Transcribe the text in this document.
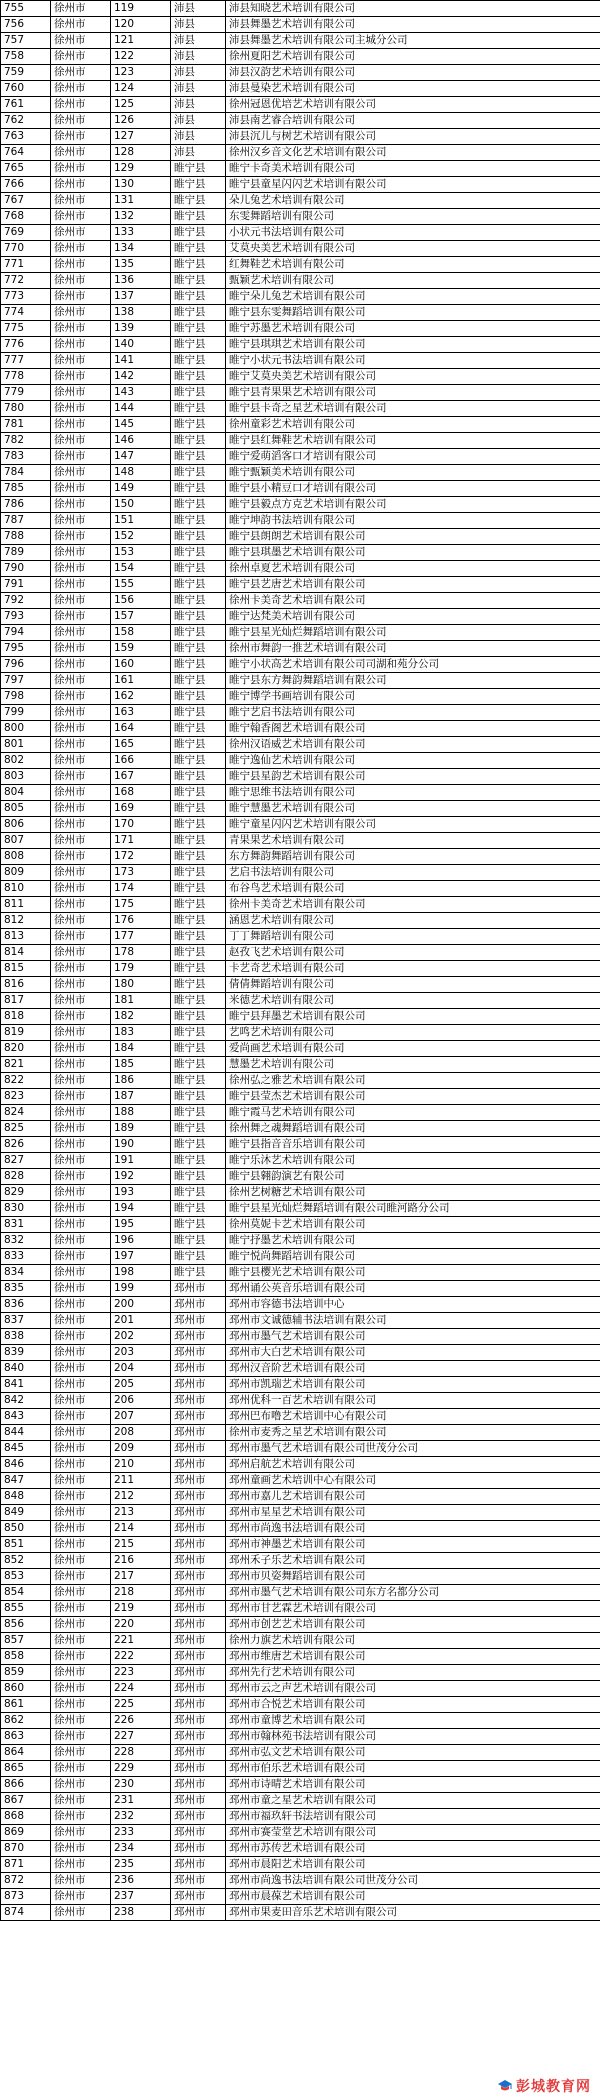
755	徐州市	119	沛县	沛县知晓艺术培训有限公司
756	徐州市	120	沛县	沛县舞墨艺术培训有限公司
757	徐州市	121	沛县	沛县舞墨艺术培训有限公司主城分公司
758	徐州市	122	沛县	徐州夏阳艺术培训有限公司
759	徐州市	123	沛县	沛县汉韵艺术培训有限公司
760	徐州市	124	沛县	沛县曼染艺术培训有限公司
761	徐州市	125	沛县	徐州冠恩优培艺术培训有限公司
762	徐州市	126	沛县	沛县南艺睿合培训有限公司
763	徐州市	127	沛县	沛县沉儿与树艺术培训有限公司
764	徐州市	128	沛县	徐州汉乡音文化艺术培训有限公司
765	徐州市	129	睢宁县	睢宁卡奇美术培训有限公司
766	徐州市	130	睢宁县	睢宁县童星闪闪艺术培训有限公司
767	徐州市	131	睢宁县	朵儿兔艺术培训有限公司
768	徐州市	132	睢宁县	东雯舞蹈培训有限公司
769	徐州市	133	睢宁县	小状元书法培训有限公司
770	徐州市	134	睢宁县	艾莫央美艺术培训有限公司
771	徐州市	135	睢宁县	红舞鞋艺术培训有限公司
772	徐州市	136	睢宁县	甄颖艺术培训有限公司
773	徐州市	137	睢宁县	睢宁朵儿兔艺术培训有限公司
774	徐州市	138	睢宁县	睢宁县东雯舞蹈培训有限公司
775	徐州市	139	睢宁县	睢宁苏墨艺术培训有限公司
776	徐州市	140	睢宁县	睢宁县琪琪艺术培训有限公司
777	徐州市	141	睢宁县	睢宁小状元书法培训有限公司
778	徐州市	142	睢宁县	睢宁艾莫央美艺术培训有限公司
779	徐州市	143	睢宁县	睢宁县青果果艺术培训有限公司
780	徐州市	144	睢宁县	睢宁县卡奇之星艺术培训有限公司
781	徐州市	145	睢宁县	徐州童彩艺术培训有限公司
782	徐州市	146	睢宁县	睢宁县红舞鞋艺术培训有限公司
783	徐州市	147	睢宁县	睢宁爱萌滔客口才培训有限公司
784	徐州市	148	睢宁县	睢宁甄颖美术培训有限公司
785	徐州市	149	睢宁县	睢宁县小精豆口才培训有限公司
786	徐州市	150	睢宁县	睢宁县毅点方克艺术培训有限公司
787	徐州市	151	睢宁县	睢宁坤韵书法培训有限公司
788	徐州市	152	睢宁县	睢宁县朗朗艺术培训有限公司
789	徐州市	153	睢宁县	睢宁县琪墨艺术培训有限公司
790	徐州市	154	睢宁县	徐州卓夏艺术培训有限公司
791	徐州市	155	睢宁县	睢宁县艺唐艺术培训有限公司
792	徐州市	156	睢宁县	徐州卡美奇艺术培训有限公司
793	徐州市	157	睢宁县	睢宁达梵美术培训有限公司
794	徐州市	158	睢宁县	睢宁县星光灿烂舞蹈培训有限公司
795	徐州市	159	睢宁县	徐州市舞韵一推艺术培训有限公司
796	徐州市	160	睢宁县	睢宁小状高艺术培训有限公司司湖和苑分公司
797	徐州市	161	睢宁县	睢宁县东方舞韵舞蹈培训有限公司
798	徐州市	162	睢宁县	睢宁博学书画培训有限公司
799	徐州市	163	睢宁县	睢宁艺启书法培训有限公司
800	徐州市	164	睢宁县	睢宁翰香阁艺术培训有限公司
801	徐州市	165	睢宁县	徐州汉语威艺术培训有限公司
802	徐州市	166	睢宁县	睢宁逸仙艺术培训有限公司
803	徐州市	167	睢宁县	睢宁县星韵艺术培训有限公司
804	徐州市	168	睢宁县	睢宁思维书法培训有限公司
805	徐州市	169	睢宁县	睢宁慧墨艺术培训有限公司
806	徐州市	170	睢宁县	睢宁童星闪闪艺术培训有限公司
807	徐州市	171	睢宁县	青果果艺术培训有限公司
808	徐州市	172	睢宁县	东方舞韵舞蹈培训有限公司
809	徐州市	173	睢宁县	艺启书法培训有限公司
810	徐州市	174	睢宁县	布谷鸟艺术培训有限公司
811	徐州市	175	睢宁县	徐州卡美奇艺术培训有限公司
812	徐州市	176	睢宁县	涵恩艺术培训有限公司
813	徐州市	177	睢宁县	丁丁舞蹈培训有限公司
814	徐州市	178	睢宁县	赵孜飞艺术培训有限公司
815	徐州市	179	睢宁县	卡艺奇艺术培训有限公司
816	徐州市	180	睢宁县	倩倩舞蹈培训有限公司
817	徐州市	181	睢宁县	米德艺术培训有限公司
818	徐州市	182	睢宁县	睢宁县拜墨艺术培训有限公司
819	徐州市	183	睢宁县	艺鸣艺术培训有限公司
820	徐州市	184	睢宁县	爱尚画艺术培训有限公司
821	徐州市	185	睢宁县	慧墨艺术培训有限公司
822	徐州市	186	睢宁县	徐州弘之雅艺术培训有限公司
823	徐州市	187	睢宁县	睢宁县莹杰艺术培训有限公司
824	徐州市	188	睢宁县	睢宁霞马艺术培训有限公司
825	徐州市	189	睢宁县	徐州舞之魂舞蹈培训有限公司
826	徐州市	190	睢宁县	睢宁县指音音乐培训有限公司
827	徐州市	191	睢宁县	睢宁乐沐艺术培训有限公司
828	徐州市	192	睢宁县	睢宁县翱韵演艺有限公司
829	徐州市	193	睢宁县	徐州艺树糖艺术培训有限公司
830	徐州市	194	睢宁县	睢宁县星光灿烂舞蹈培训有限公司睢河路分公司
831	徐州市	195	睢宁县	徐州莫妮卡艺术培训有限公司
832	徐州市	196	睢宁县	睢宁抒墨艺术培训有限公司
833	徐州市	197	睢宁县	睢宁悦尚舞蹈培训有限公司
834	徐州市	198	睢宁县	睢宁县樱光艺术培训有限公司
835	徐州市	199	邳州市	邳州诵公英音乐培训有限公司
836	徐州市	200	邳州市	邳州市容德书法培训中心
837	徐州市	201	邳州市	邳州市文诚德辅书法培训有限公司
838	徐州市	202	邳州市	邳州市墨气艺术培训有限公司
839	徐州市	203	邳州市	邳州市大白艺术培训有限公司
840	徐州市	204	邳州市	邳州汉音阶艺术培训有限公司
841	徐州市	205	邳州市	邳州市凯瑞艺术培训有限公司
842	徐州市	206	邳州市	邳州优科一百艺术培训有限公司
843	徐州市	207	邳州市	邳州巴布噜艺术培训中心有限公司
844	徐州市	208	邳州市	徐州市麦秀之星艺术培训有限公司
845	徐州市	209	邳州市	邳州市墨气艺术培训有限公司世茂分公司
846	徐州市	210	邳州市	邳州启航艺术培训有限公司
847	徐州市	211	邳州市	邳州童画艺术培训中心有限公司
848	徐州市	212	邳州市	邳州市嘉儿艺术培训有限公司
849	徐州市	213	邳州市	邳州市星星艺术培训有限公司
850	徐州市	214	邳州市	邳州市尚逸书法培训有限公司
851	徐州市	215	邳州市	邳州市神墨艺术培训有限公司
852	徐州市	216	邳州市	邳州禾子乐艺术培训有限公司
853	徐州市	217	邳州市	邳州市贝姿舞蹈培训有限公司
854	徐州市	218	邳州市	邳州市墨气艺术培训有限公司东方名都分公司
855	徐州市	219	邳州市	邳州市甘艺霖艺术培训有限公司
856	徐州市	220	邳州市	邳州市创艺艺术培训有限公司
857	徐州市	221	邳州市	徐州力旗艺术培训有限公司
858	徐州市	222	邳州市	邳州市维唐艺术培训有限公司
859	徐州市	223	邳州市	邳州先行艺术培训有限公司
860	徐州市	224	邳州市	邳州市云之声艺术培训有限公司
861	徐州市	225	邳州市	邳州市合悦艺术培训有限公司
862	徐州市	226	邳州市	邳州市童博艺术培训有限公司
863	徐州市	227	邳州市	邳州市翰林苑书法培训有限公司
864	徐州市	228	邳州市	邳州市弘文艺术培训有限公司
865	徐州市	229	邳州市	邳州市伯乐艺术培训有限公司
866	徐州市	230	邳州市	邳州市诗晴艺术培训有限公司
867	徐州市	231	邳州市	邳州市童之星艺术培训有限公司
868	徐州市	232	邳州市	邳州市福玖轩书法培训有限公司
869	徐州市	233	邳州市	邳州市赛莹堂艺术培训有限公司
870	徐州市	234	邳州市	邳州市苏传艺术培训有限公司
871	徐州市	235	邳州市	邳州市晨阳艺术培训有限公司
872	徐州市	236	邳州市	邳州市尚逸书法培训有限公司世茂分公司
873	徐州市	237	邳州市	邳州市晨葆艺术培训有限公司
874	徐州市	238	邳州市	邳州市果麦田音乐艺术培训有限公司
彭城教育网
